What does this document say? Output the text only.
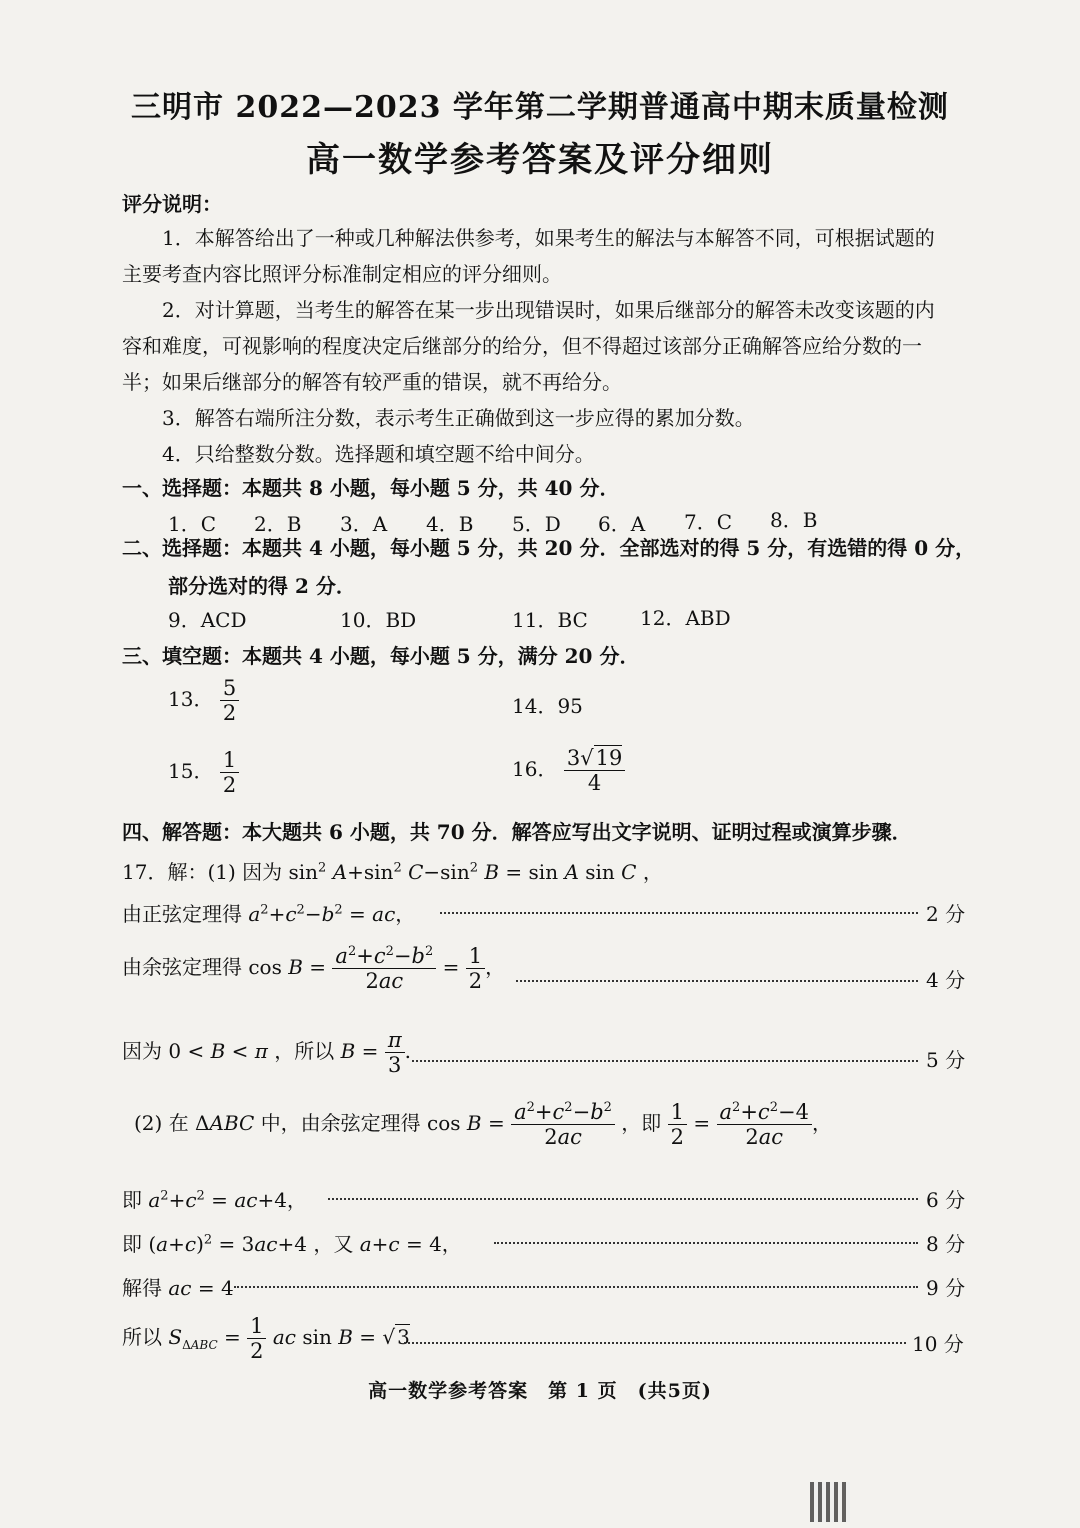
三明市 2022—2023 学年第二学期普通高中期末质量检测
高一数学参考答案及评分细则
评分说明：
1．本解答给出了一种或几种解法供参考，如果考生的解法与本解答不同，可根据试题的
主要考查内容比照评分标准制定相应的评分细则。
2．对计算题，当考生的解答在某一步出现错误时，如果后继部分的解答未改变该题的内
容和难度，可视影响的程度决定后继部分的给分，但不得超过该部分正确解答应给分数的一
半；如果后继部分的解答有较严重的错误，就不再给分。
3．解答右端所注分数，表示考生正确做到这一步应得的累加分数。
4．只给整数分数。选择题和填空题不给中间分。
一、选择题：本题共 8 小题，每小题 5 分，共 40 分．
1．C 2．B 3．A 4．B 5．D 6．A 7．C 8．B
二、选择题：本题共 4 小题，每小题 5 分，共 20 分．全部选对的得 5 分，有选错的得 0 分，
部分选对的得 2 分．
9．ACD	10．BD	11．BC	12．ABD
三、填空题：本题共 4 小题，每小题 5 分，满分 20 分．
13． $\frac{5}{2}$	14．95
15． $\frac{1}{2}$	16． $\frac{3√19}{4}$
四、解答题：本大题共 6 小题，共 70 分．解答应写出文字说明、证明过程或演算步骤．
17．解：(1) 因为 $\sin^2 A+\sin^2$ $C-\sin^2$ B = sin A sin C ，
由正弦定理得 $a^2+c^2-b^2$ = ac，	2 分
由余弦定理得 $\cos B = \frac{a^2+c^2-b^2}{2ac} = \frac{1}{2}$ ，
4 分
因为 0 < B < π ，所以 $B = \frac{\pi}{3}$ .	5 分
(2) 在 ΔABC 中，由余弦定理得 $\cos B = \frac{a^2+c^2-b^2}{2ac}$ ，即 $\frac{1}{2} = \frac{a^2+c^2-4}{2ac}$ ，
即 $a^2+c^2 = ac+4$，	6 分
即 $(a+c)^2 = 3ac+4$ ，又 a+c = 4，	8 分
解得 ac = 4	9 分
所以 $S_{\Delta ABC} = \frac{1}{2}$ ac sin B = √ 3	10 分
高一数学参考答案　第 1 页　(共5页)
